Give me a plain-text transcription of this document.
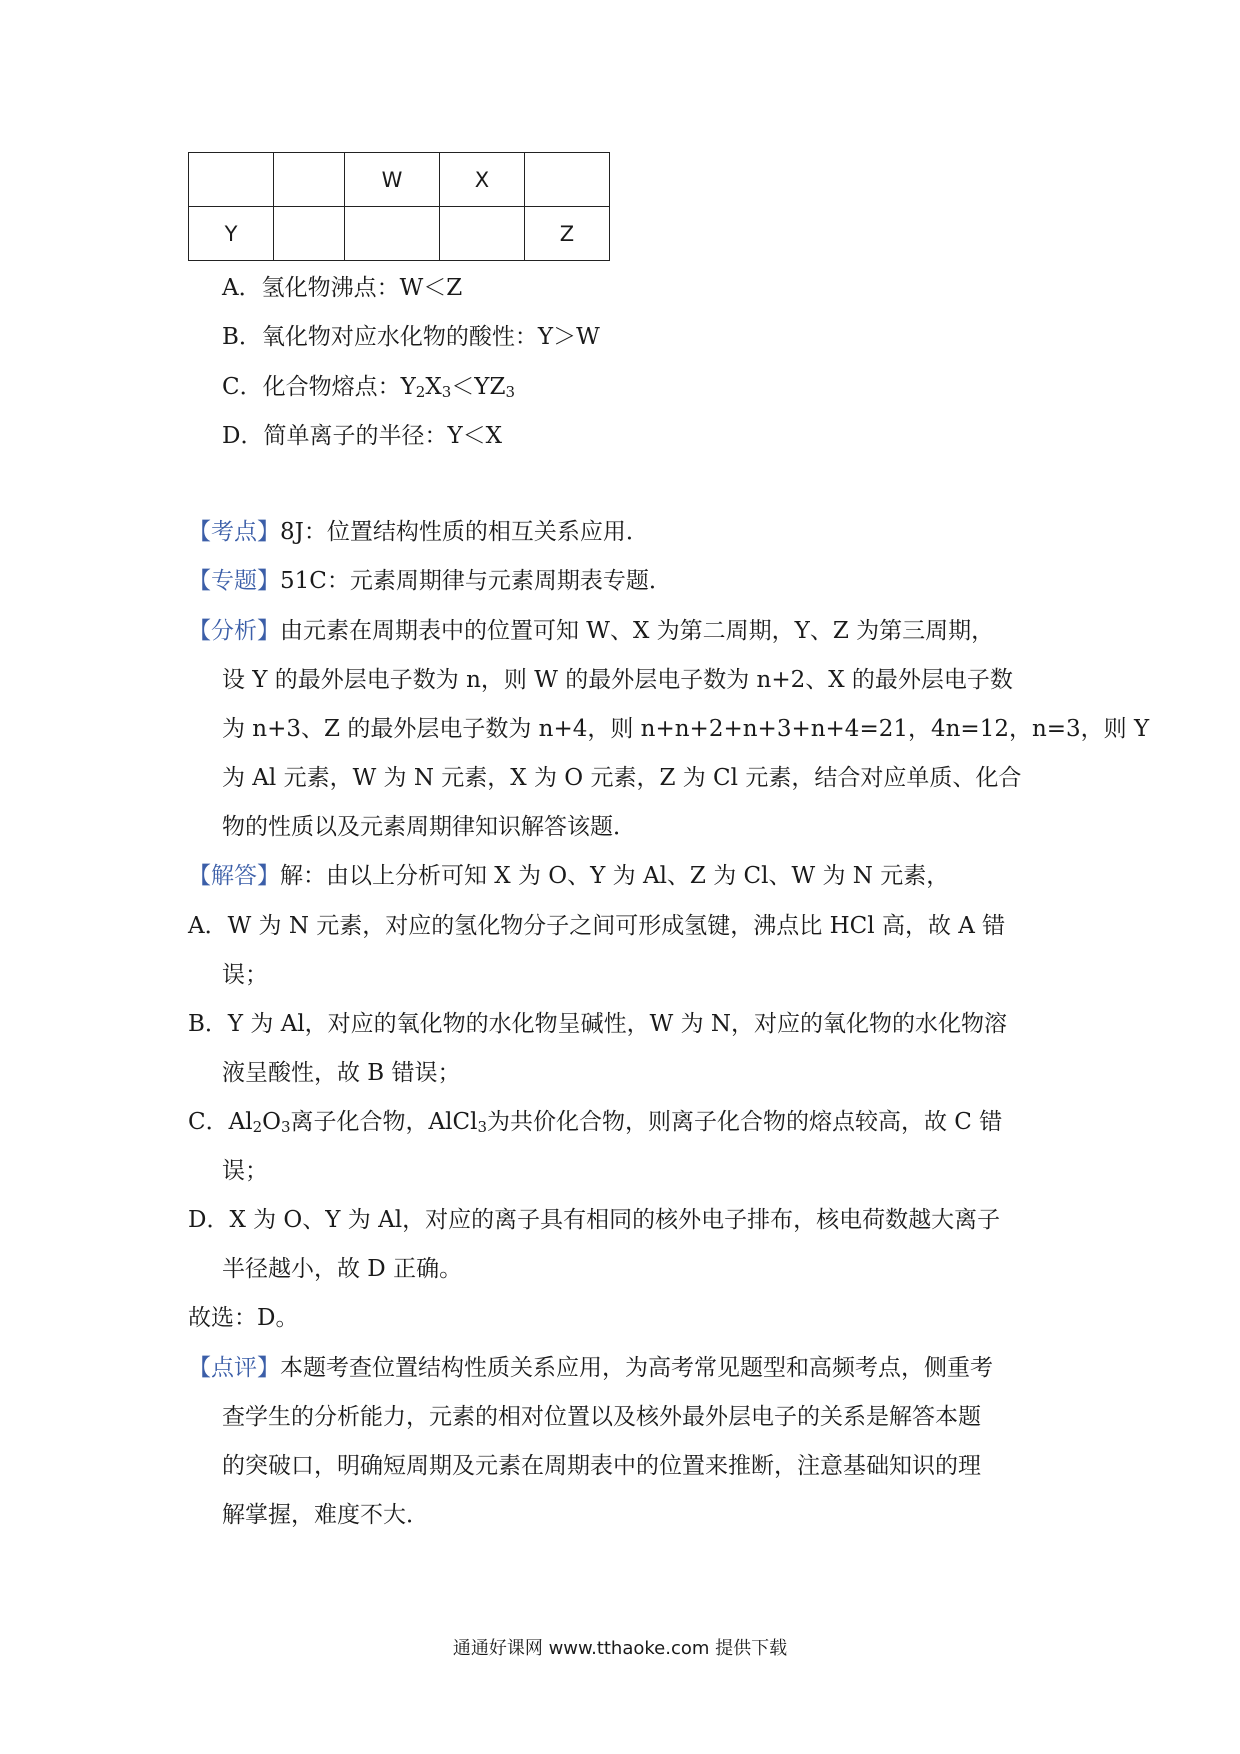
		W	X	
Y				Z
A．氢化物沸点：W＜Z
B．氧化物对应水化物的酸性：Y＞W
C．化合物熔点：$Y_2X_3<YZ_3$
D．简单离子的半径：Y＜X
【考点】8J：位置结构性质的相互关系应用．
【专题】51C：元素周期律与元素周期表专题．
【分析】由元素在周期表中的位置可知 W、X 为第二周期，Y、Z 为第三周期，
设 Y 的最外层电子数为 n，则 W 的最外层电子数为 n+2、X 的最外层电子数
为 n+3、Z 的最外层电子数为 n+4，则 n+n+2+n+3+n+4=21，4n=12，n=3，则 Y
为 Al 元素，W 为 N 元素，X 为 O 元素，Z 为 Cl 元素，结合对应单质、化合
物的性质以及元素周期律知识解答该题．
【解答】解：由以上分析可知 X 为 O、Y 为 Al、Z 为 Cl、W 为 N 元素，
A．W 为 N 元素，对应的氢化物分子之间可形成氢键，沸点比 HCl 高，故 A 错
误；
B．Y 为 Al，对应的氧化物的水化物呈碱性，W 为 N，对应的氧化物的水化物溶
液呈酸性，故 B 错误；
C．$Al_2O_3$离子化合物，AlCl$_3$为共价化合物，则离子化合物的熔点较高，故 C 错
误；
D．X 为 O、Y 为 Al，对应的离子具有相同的核外电子排布，核电荷数越大离子
半径越小，故 D 正确。
故选：D。
【点评】本题考查位置结构性质关系应用，为高考常见题型和高频考点，侧重考
查学生的分析能力，元素的相对位置以及核外最外层电子的关系是解答本题
的突破口，明确短周期及元素在周期表中的位置来推断，注意基础知识的理
解掌握，难度不大．
通通好课网 www.tthaoke.com 提供下载
